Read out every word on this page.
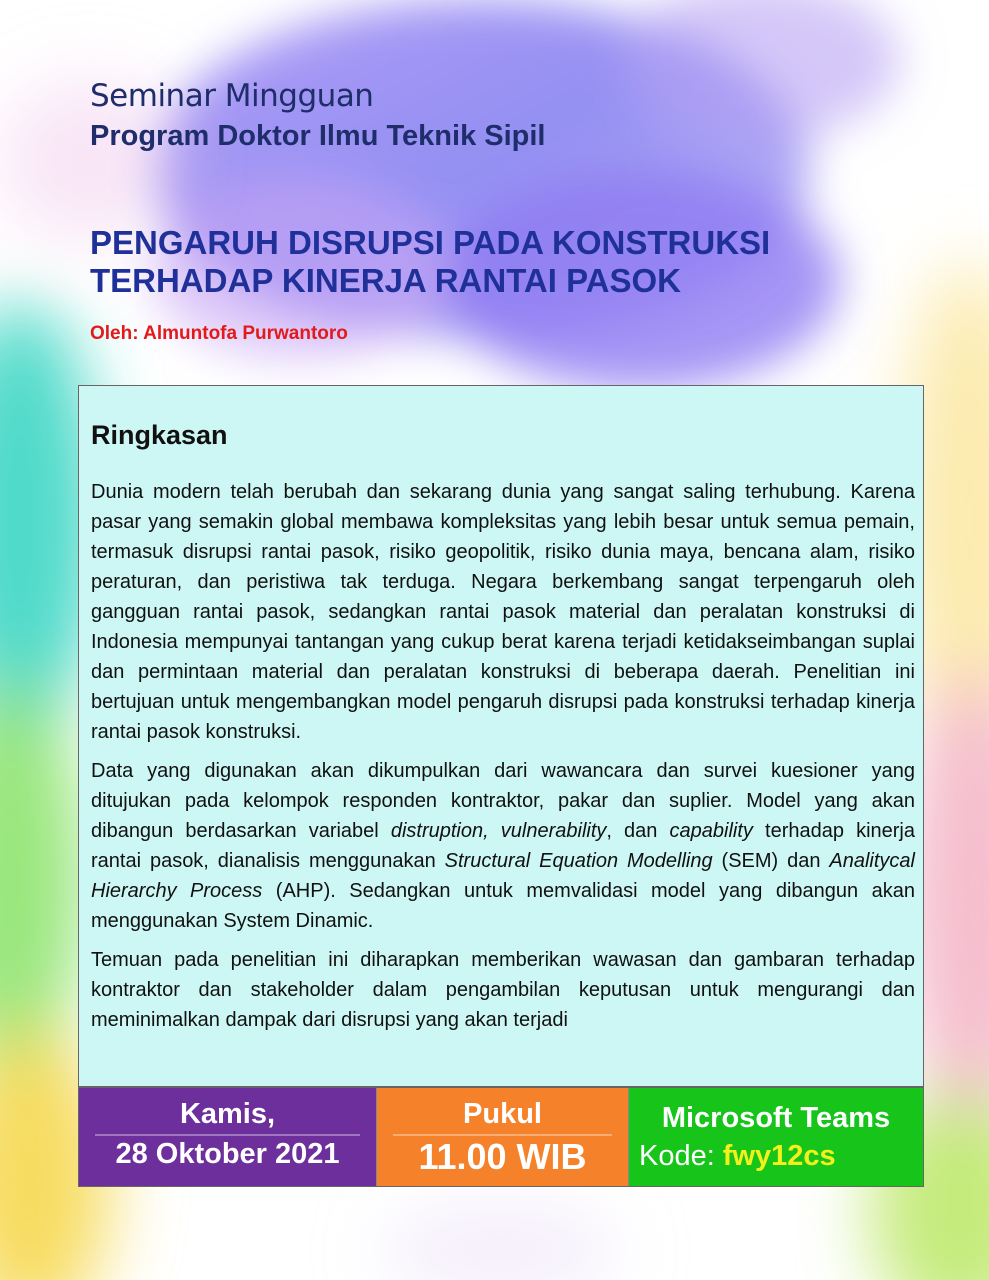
Seminar Mingguan
Program Doktor Ilmu Teknik Sipil
PENGARUH DISRUPSI PADA KONSTRUKSI
TERHADAP KINERJA RANTAI PASOK
Oleh: Almuntofa Purwantoro
Ringkasan

Dunia modern telah berubah dan sekarang dunia yang sangat saling terhubung. Karena pasar yang semakin global membawa kompleksitas yang lebih besar untuk semua pemain, termasuk disrupsi rantai pasok, risiko geopolitik, risiko dunia maya, bencana alam, risiko peraturan, dan peristiwa tak terduga. Negara berkembang sangat terpengaruh oleh gangguan rantai pasok, sedangkan rantai pasok material dan peralatan konstruksi di Indonesia mempunyai tantangan yang cukup berat karena terjadi ketidakseimbangan suplai dan permintaan material dan peralatan konstruksi di beberapa daerah. Penelitian ini bertujuan untuk mengembangkan model pengaruh disrupsi pada konstruksi terhadap kinerja rantai pasok konstruksi.

Data yang digunakan akan dikumpulkan dari wawancara dan survei kuesioner yang ditujukan pada kelompok responden kontraktor, pakar dan suplier. Model yang akan dibangun berdasarkan variabel distruption, vulnerability, dan capability terhadap kinerja rantai pasok, dianalisis menggunakan Structural Equation Modelling (SEM) dan Analitycal Hierarchy Process (AHP). Sedangkan untuk memvalidasi model yang dibangun akan menggunakan System Dinamic.

Temuan pada penelitian ini diharapkan memberikan wawasan dan gambaran terhadap kontraktor dan stakeholder dalam pengambilan keputusan untuk mengurangi dan meminimalkan dampak dari disrupsi yang akan terjadi

Kamis,
28 Oktober 2021
Pukul
11.00 WIB
Microsoft Teams
Kode: fwy12cs
